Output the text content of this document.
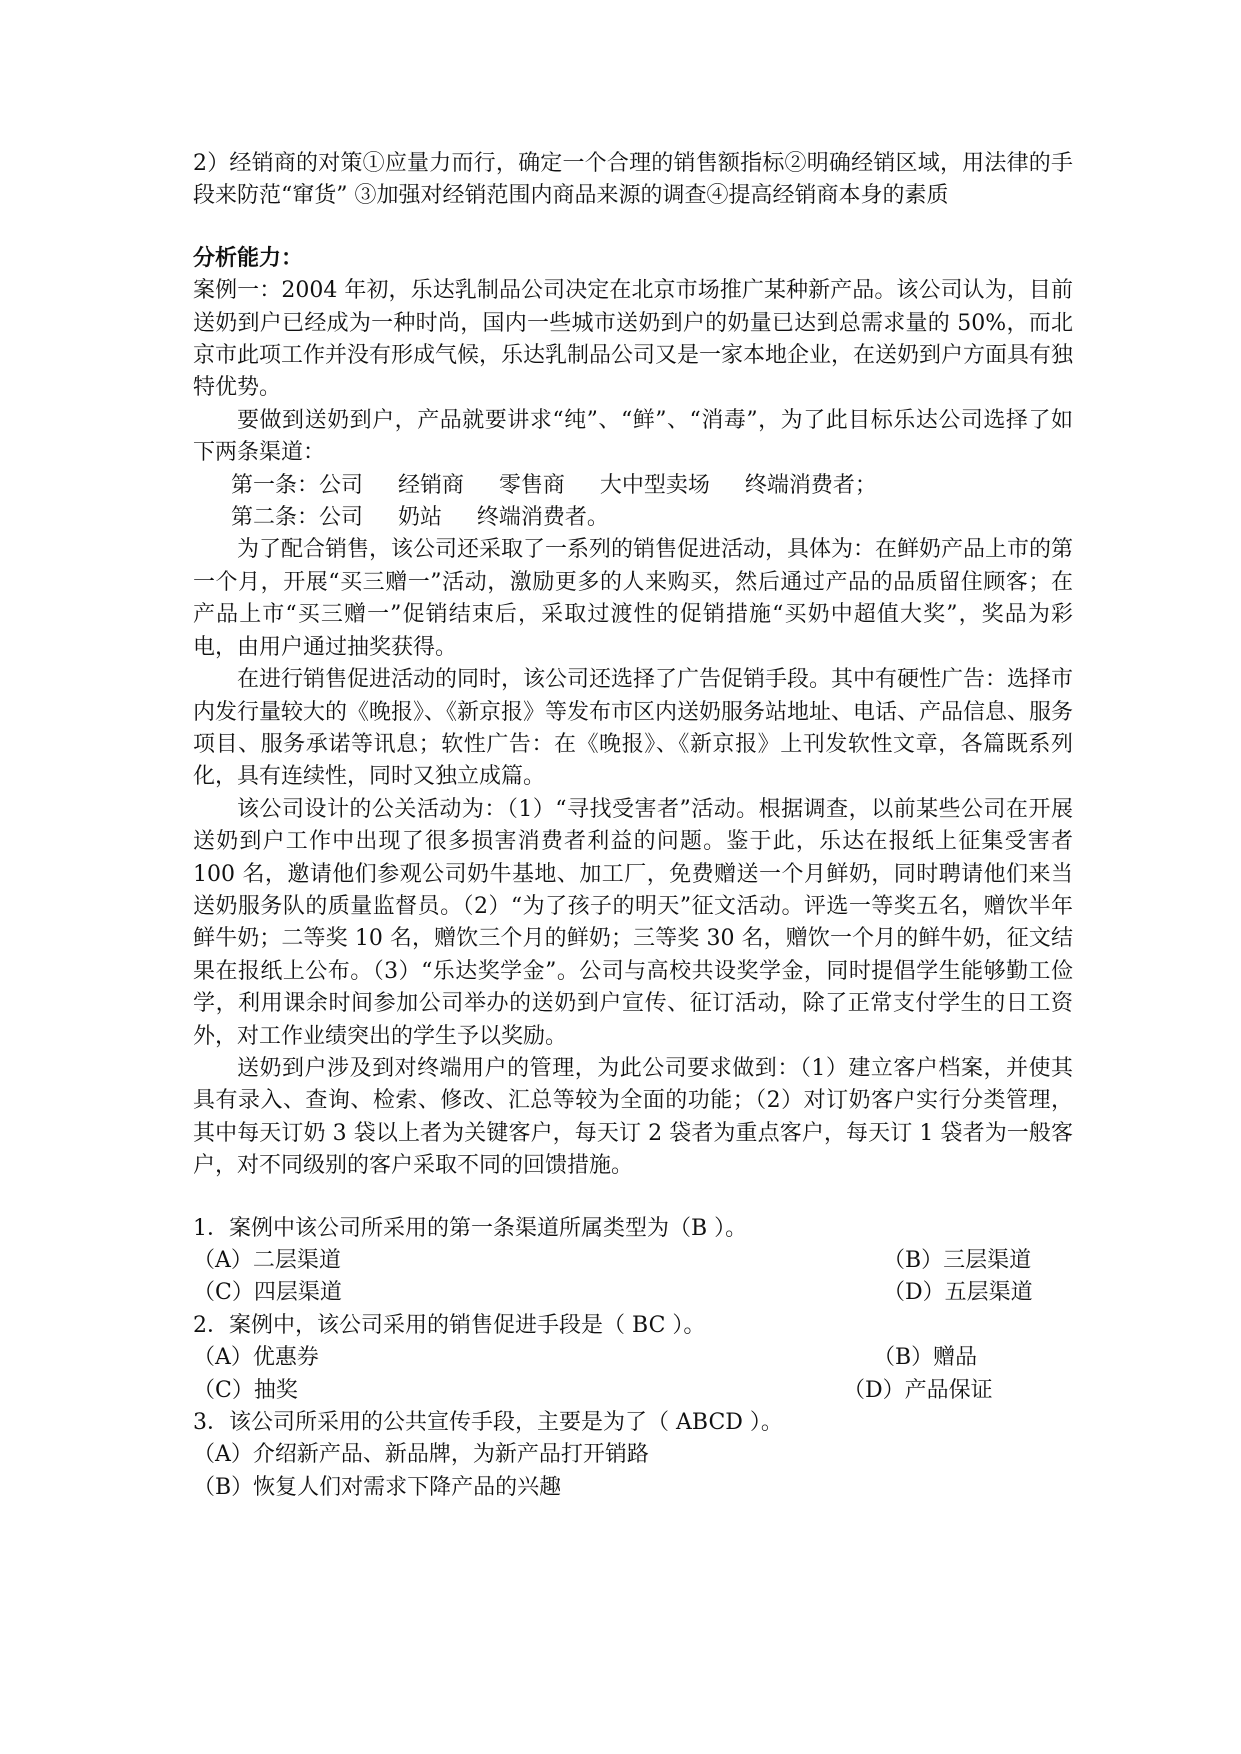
2）经销商的对策①应量力而行，确定一个合理的销售额指标②明确经销区域，用法律的手段来防范“窜货” ③加强对经销范围内商品来源的调查④提高经销商本身的素质

分析能力：

案例一：2004 年初，乐达乳制品公司决定在北京市场推广某种新产品。该公司认为，目前送奶到户已经成为一种时尚，国内一些城市送奶到户的奶量已达到总需求量的 50%，而北京市此项工作并没有形成气候，乐达乳制品公司又是一家本地企业，在送奶到户方面具有独特优势。

要做到送奶到户，产品就要讲求“纯”、“鲜”、“消毒”，为了此目标乐达公司选择了如下两条渠道：

第一条：公司     经销商     零售商     大中型卖场     终端消费者；

第二条：公司     奶站     终端消费者。

为了配合销售，该公司还采取了一系列的销售促进活动，具体为：在鲜奶产品上市的第一个月，开展“买三赠一”活动，激励更多的人来购买，然后通过产品的品质留住顾客；在产品上市“买三赠一”促销结束后，采取过渡性的促销措施“买奶中超值大奖”，奖品为彩电，由用户通过抽奖获得。

在进行销售促进活动的同时，该公司还选择了广告促销手段。其中有硬性广告：选择市内发行量较大的《晚报》、《新京报》等发布市区内送奶服务站地址、电话、产品信息、服务项目、服务承诺等讯息；软性广告：在《晚报》、《新京报》上刊发软性文章，各篇既系列化，具有连续性，同时又独立成篇。

该公司设计的公关活动为：（1）“寻找受害者”活动。根据调查，以前某些公司在开展送奶到户工作中出现了很多损害消费者利益的问题。鉴于此，乐达在报纸上征集受害者 100 名，邀请他们参观公司奶牛基地、加工厂，免费赠送一个月鲜奶，同时聘请他们来当送奶服务队的质量监督员。（2）“为了孩子的明天”征文活动。评选一等奖五名，赠饮半年鲜牛奶；二等奖 10 名，赠饮三个月的鲜奶；三等奖 30 名，赠饮一个月的鲜牛奶，征文结果在报纸上公布。（3）“乐达奖学金”。公司与高校共设奖学金，同时提倡学生能够勤工俭学，利用课余时间参加公司举办的送奶到户宣传、征订活动，除了正常支付学生的日工资外，对工作业绩突出的学生予以奖励。

送奶到户涉及到对终端用户的管理，为此公司要求做到：（1）建立客户档案，并使其具有录入、查询、检索、修改、汇总等较为全面的功能；（2）对订奶客户实行分类管理，其中每天订奶 3 袋以上者为关键客户，每天订 2 袋者为重点客户，每天订 1 袋者为一般客户，对不同级别的客户采取不同的回馈措施。

1．案例中该公司所采用的第一条渠道所属类型为（B ）。

（A）二层渠道	（B）三层渠道
（C）四层渠道	（D）五层渠道

2．案例中，该公司采用的销售促进手段是（ BC ）。

（A）优惠券	（B）赠品
（C）抽奖	（D）产品保证

3．该公司所采用的公共宣传手段，主要是为了（ ABCD ）。

（A）介绍新产品、新品牌，为新产品打开销路

（B）恢复人们对需求下降产品的兴趣
